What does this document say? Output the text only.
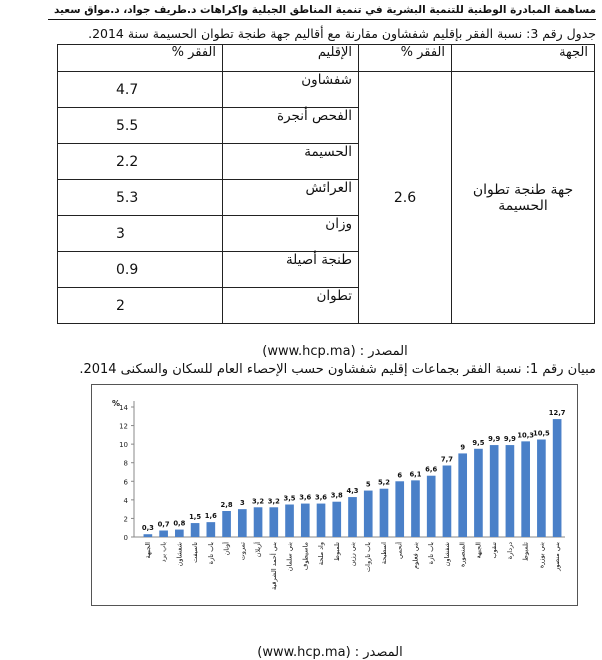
مساهمة المبادرة الوطنية للتنمية البشرية في تنمية المناطق الجبلية وإكراهات د.طريف جواد، د.مواق سعيد
جدول رقم 3: نسبة الفقر بإقليم شفشاون مقارنة مع أقاليم جهة طنجة تطوان الحسيمة سنة 2014.
الجهة	الفقر %	الإقليم	الفقر %
جهة طنجة تطوان الحسيمة	2.6	شفشاون	4.7
		الفحص أنجرة	5.5
		الحسيمة	2.2
		العرائش	5.3
		وزان	3
		طنجة أصيلة	0.9
		تطوان	2
المصدر : (www.hcp.ma)
مبيان رقم 1: نسبة الفقر بجماعات إقليم شفشاون حسب الإحصاء العام للسكان والسكنى 2014.
0
2
4
6
8
10
12
14
%
0,3
الجبهة
0,7
باب برد
0,8
شفشاون
1,5
تاسيفت
1,6
باب تازة
2,8
أونان
3
تمروت
3,2
أزيلان
3,2
بني أحمد الشرقية
3,5
بني سلمان
3,6
ماسيطوف
3,6
واد ملحة
3,8
تلمبوط
4,3
بني رزين
5
باب تاروات
5,2
اسطيحة
6
أنحمي
6,1
بني فغلوم
6,6
باب تازة
7,7
شفشاون
9
المنصورة
9,5
الجبهة
9,9
تنقوب
9,9
دردارة
10,3
تلمبوط
10,5
بني بوزرة
12,7
بني منصور
المصدر : (www.hcp.ma)
